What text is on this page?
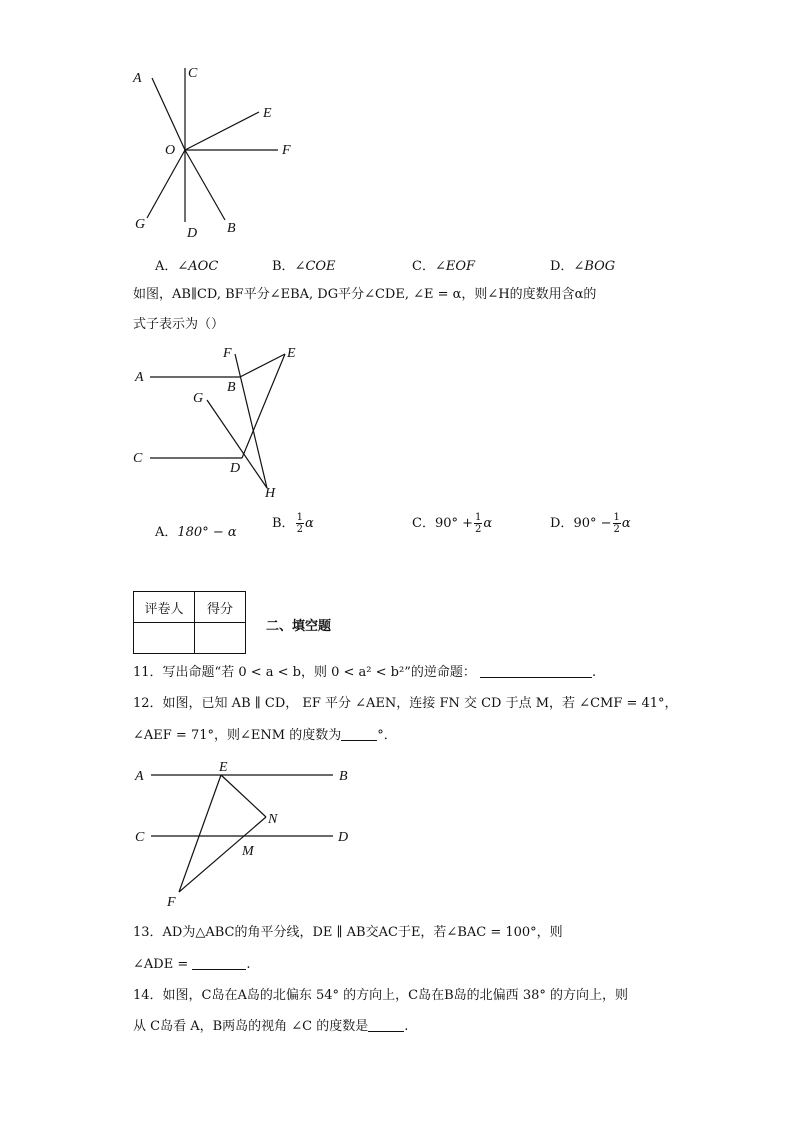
A	C
E
O	F
G
D B
A．∠AOC	B．∠COE	C．∠EOF	D．∠BOG
如图，AB∥CD, BF平分∠EBA, DG平分∠CDE, ∠E = α，则∠H的度数用含α的
式子表示为（）
F	E
A
B
G
C
D
H
A．180° − α
B． $\frac{1}{2}$ α	C．$90^\circ + \frac{1}{2}$ α	D．$90^\circ - \frac{1}{2}$ α
评卷人	得分

二、填空题
11．写出命题“若 0 < a < b，则 0 < a² < b²”的逆命题：	.
12．如图，已知 AB ∥ CD， EF 平分 ∠AEN，连接 FN 交 CD 于点 M，若 ∠CMF = 41°，
∠AEF = 71°，则∠ENM 的度数为	°．
A
E
B
N
C	D
M
F
13．AD为△ABC的角平分线，DE ∥ AB交AC于E，若∠BAC = 100°，则
∠ADE =	.
14．如图，C岛在A岛的北偏东 54° 的方向上，C岛在B岛的北偏西 38° 的方向上，则
从 C岛看 A，B两岛的视角 ∠C 的度数是	.
